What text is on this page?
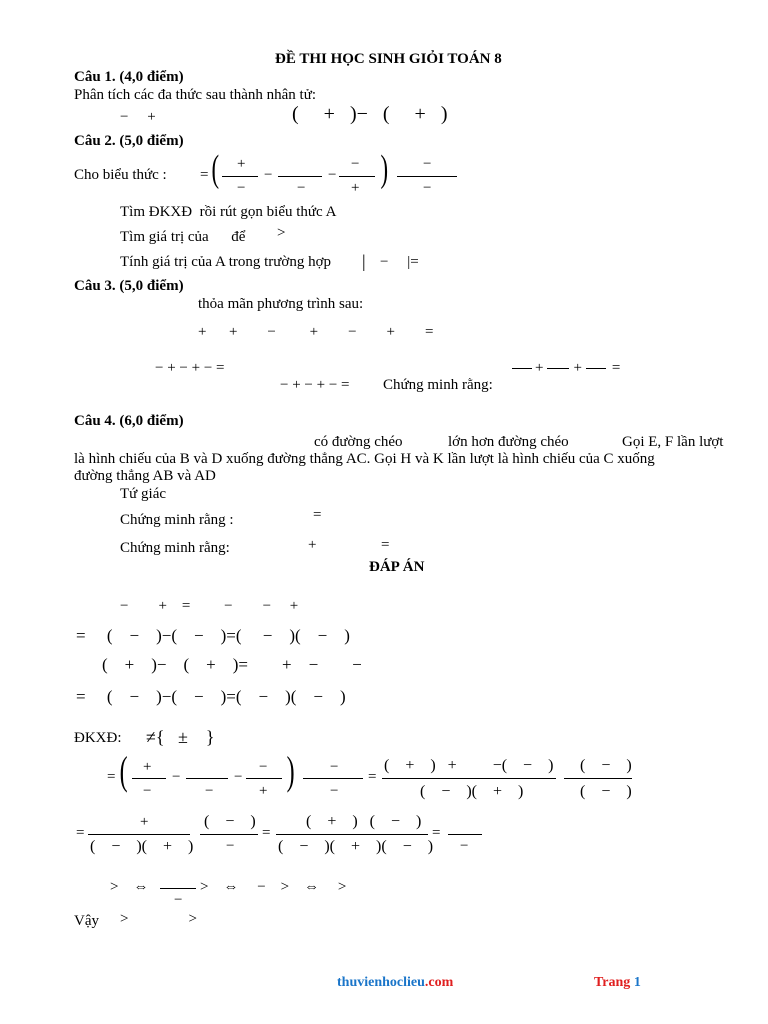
ĐỀ THI HỌC SINH GIỎI TOÁN 8
Câu 1. (4,0 điểm)
Phân tích các đa thức sau thành nhân tử:
−     +	(     +   )−   (     +   )
Câu 2. (5,0 điểm)
Cho biểu thức : = ( +
−
−
−
−
−
+ ) −
−
Tìm ĐKXĐ  rồi rút gọn biểu thức A
Tìm giá trị của      để >
Tính giá trị của A trong trường hợp | −     |=
Câu 3. (5,0 điểm)
thỏa mãn phương trình sau:
+      +        −         +        −        +        =
− + − + − =	+        +        =
− + − + − = Chứng minh rằng:
Câu 4. (6,0 điểm)
có đường chéo	lớn hơn đường chéo	Gọi E, F lần lượt
là hình chiếu của B và D xuống đường thẳng AC. Gọi H và K lần lượt là hình chiếu của C xuống
đường thẳng AB và AD
Tứ giác
Chứng minh rằng :	=
Chứng minh rằng:	+	=
ĐÁP ÁN
−        +    =         −        −     +
=     (    −    )−(    −    )=(     −    )(    −    )
(    +    )−    (    +    )=        +    −        −
=     (    −    )−(    −    )=(    −    )(    −    )
ĐKXĐ: ≠{   ±    }
= ( +
−
−
−
−
−
+ ) −
−
=
(    +    )   +         −(    −    )
(    −    )(    +    )
(    −    )
(    −    )
=
+
(    −    )(    +    )
(    −    )
−
=
(    +    )   (    −    )
(    −    )(    +    )(    −    )
=
−
>    ⇔
−
>    ⇔     −    >    ⇔     >
Vậy >                >
thuvienhoclieu.com	Trang 1
